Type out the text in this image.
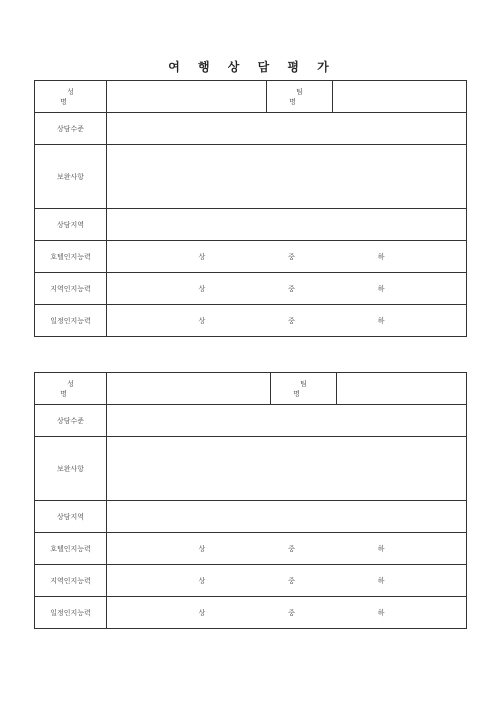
여 행 상 담 평 가
성 명		팀 명	
상담수준			
보완사항			
상담지역			
호텔인지능력	상 중 하		

지역인지능력	상 중 하		

일정인지능력	상 중 하		
성 명		팀 명	
상담수준			
보완사항			
상담지역			
호텔인지능력	상 중 하		

지역인지능력	상 중 하		

일정인지능력	상 중 하		
